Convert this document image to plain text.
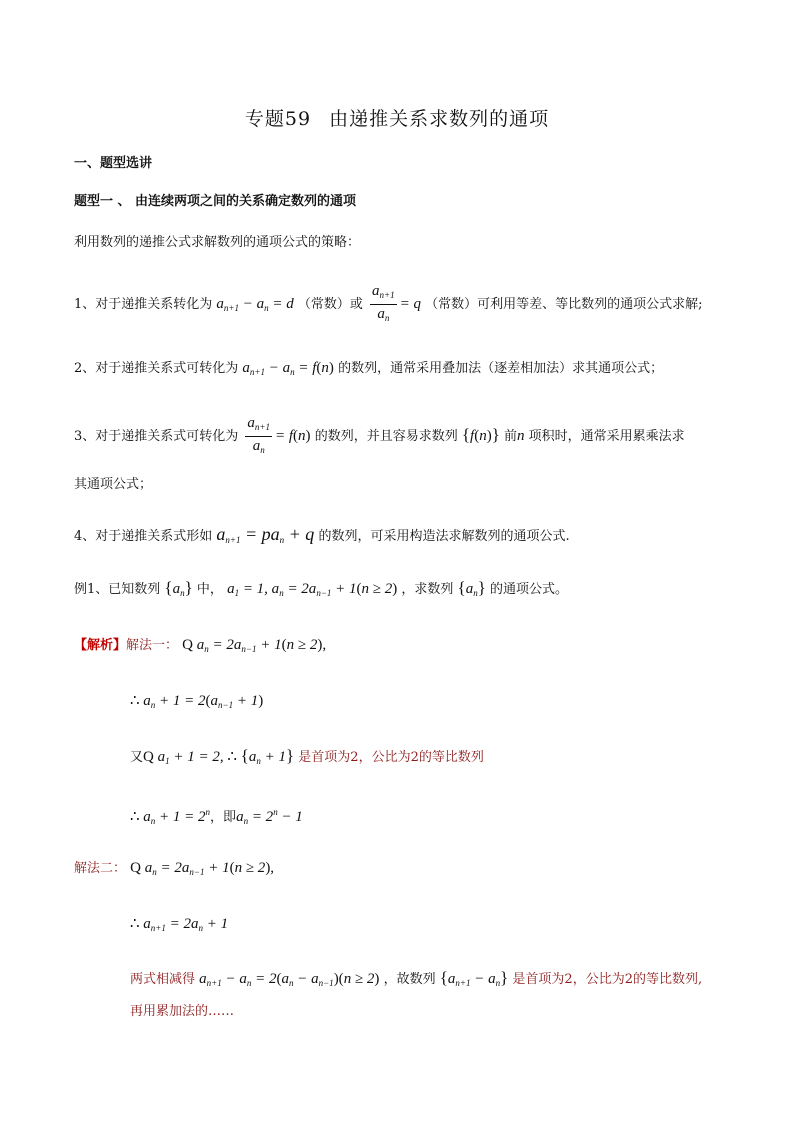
专题59 由递推关系求数列的通项
一、题型选讲
题型一 、 由连续两项之间的关系确定数列的通项
利用数列的递推公式求解数列的通项公式的策略：
1、对于递推关系转化为 $a_{n+1} - a_n = d$ （常数）或 $\frac{a_{n+1}}{a_n} = q$ （常数）可利用等差、等比数列的通项公式求解;
2、对于递推关系式可转化为 $a_{n+1} - a_n = f(n)$ 的数列，通常采用叠加法（逐差相加法）求其通项公式；
3、对于递推关系式可转化为 $\frac{a_{n+1}}{a_n} = f(n)$ 的数列，并且容易求数列 {f(n)} 前n 项积时，通常采用累乘法求
其通项公式；
4、对于递推关系式形如 $a_{n+1} = pa_n + q$ 的数列，可采用构造法求解数列的通项公式.
例1、已知数列 $\{a_n\}$ 中， $a_1 = 1$, $a_n = 2a_{n-1} + 1(n \ge 2)$ ，求数列 $\{a_n\}$ 的通项公式。
【解析】解法一： Q $a_n = 2a_{n-1} + 1(n \ge 2)$,
∴ $a_n + 1 = 2(a_{n-1} + 1)$
又Q $a_1 + 1 = 2$, ∴ $\{a_n + 1\}$ 是首项为2，公比为2的等比数列
∴ $a_n + 1 = 2^n$，即$a_n = 2^n - 1$
解法二： Q $a_n = 2a_{n-1} + 1(n \ge 2)$,
∴ $a_{n+1} = 2a_n + 1$
两式相减得 $a_{n+1} - a_n = 2(a_n - a_{n-1})(n \ge 2)$ ，故数列 $\{a_{n+1} - a_n\}$ 是首项为2，公比为2的等比数列,
再用累加法的……
